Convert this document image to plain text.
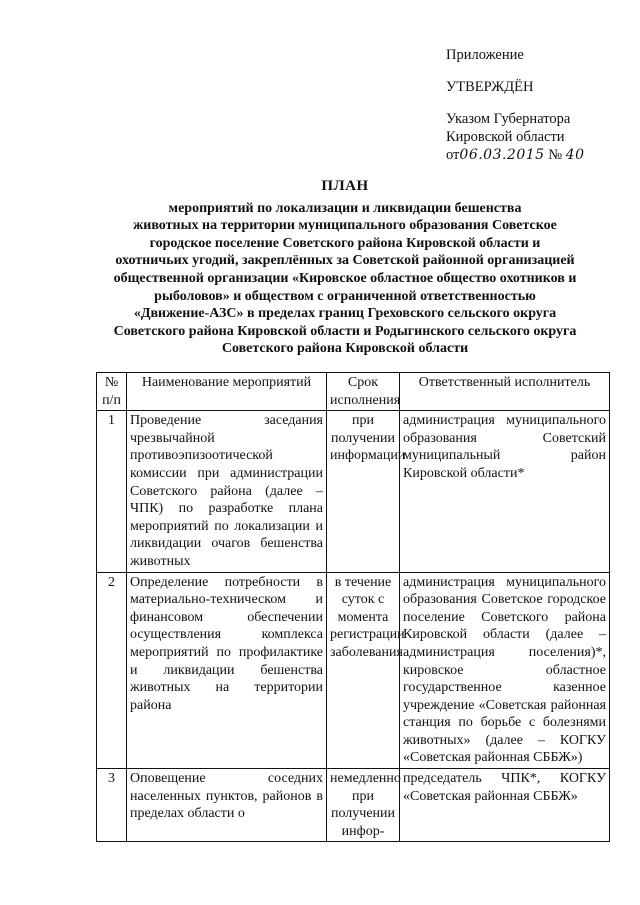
Приложение
УТВЕРЖДЁН
Указом Губернатора
Кировской области
от06.03.2015 № 40
ПЛАН
мероприятий по локализации и ликвидации бешенства
животных на территории муниципального образования Советское
городское поселение Советского района Кировской области и
охотничьих угодий, закреплённых за Советской районной организацией
общественной организации «Кировское областное общество охотников и
рыболовов» и обществом с ограниченной ответственностью
«Движение-АЗС» в пределах границ Греховского сельского округа
Советского района Кировской области и Родыгинского сельского округа
Советского района Кировской области
№ п/п	Наименование мероприятий	Срок исполнения	Ответственный исполнитель
1	Проведение заседания чрезвычайной противоэпизоотической комиссии при администрации Советского района (далее – ЧПК) по разработке плана мероприятий по локализации и ликвидации очагов бешенства животных	при получении информации	администрация муниципального образования Советский муниципальный район Кировской области*
2	Определение потребности в материально-техническом и финансовом обеспечении осуществления комплекса мероприятий по профилактике и ликвидации бешенства животных на территории района	в течение суток с момента регистрации заболевания	администрация муниципального образования Советское городское поселение Советского района Кировской области (далее – администрация поселения)*, кировское областное государственное казенное учреждение «Советская районная станция по борьбе с болезнями животных» (далее – КОГКУ «Советская районная СББЖ»)
3	Оповещение соседних населенных пунктов, районов в пределах области о	немедленно при получении инфор-	председатель ЧПК*, КОГКУ «Советская районная СББЖ»
